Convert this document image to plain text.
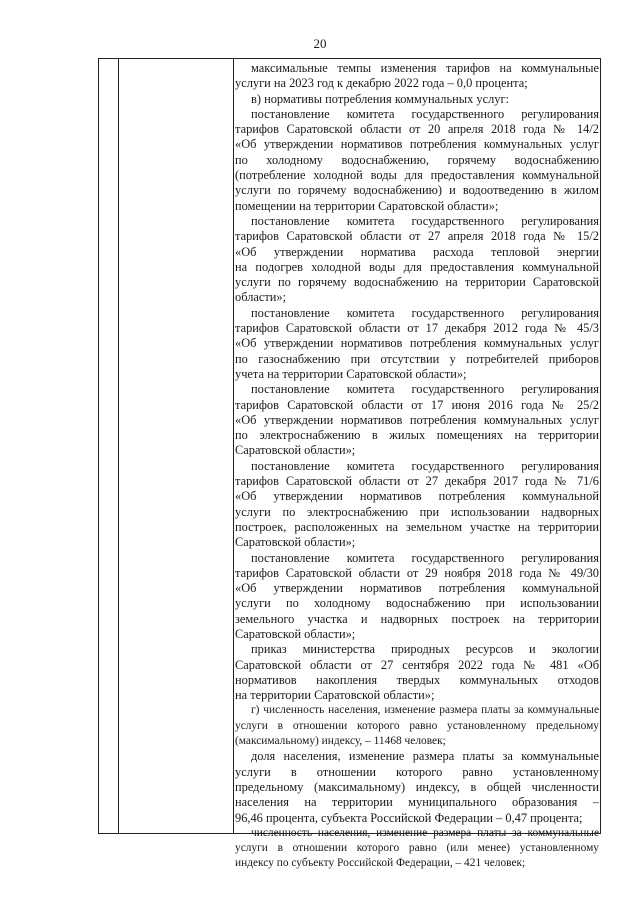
20
максимальные темпы изменения тарифов на коммунальные
услуги на 2023 год к декабрю 2022 года – 0,0 процента;
в) нормативы потребления коммунальных услуг:
постановление комитета государственного регулирования
тарифов Саратовской области от 20 апреля 2018 года № 14/2
«Об утверждении нормативов потребления коммунальных услуг
по холодному водоснабжению, горячему водоснабжению
(потребление холодной воды для предоставления коммунальной
услуги по горячему водоснабжению) и водоотведению в жилом
помещении на территории Саратовской области»;
постановление комитета государственного регулирования
тарифов Саратовской области от 27 апреля 2018 года № 15/2
«Об утверждении норматива расхода тепловой энергии
на подогрев холодной воды для предоставления коммунальной
услуги по горячему водоснабжению на территории Саратовской
области»;
постановление комитета государственного регулирования
тарифов Саратовской области от 17 декабря 2012 года № 45/3
«Об утверждении нормативов потребления коммунальных услуг
по газоснабжению при отсутствии у потребителей приборов
учета на территории Саратовской области»;
постановление комитета государственного регулирования
тарифов Саратовской области от 17 июня 2016 года № 25/2
«Об утверждении нормативов потребления коммунальных услуг
по электроснабжению в жилых помещениях на территории
Саратовской области»;
постановление комитета государственного регулирования
тарифов Саратовской области от 27 декабря 2017 года № 71/6
«Об утверждении нормативов потребления коммунальной
услуги по электроснабжению при использовании надворных
построек, расположенных на земельном участке на территории
Саратовской области»;
постановление комитета государственного регулирования
тарифов Саратовской области от 29 ноября 2018 года № 49/30
«Об утверждении нормативов потребления коммунальной
услуги по холодному водоснабжению при использовании
земельного участка и надворных построек на территории
Саратовской области»;
приказ министерства природных ресурсов и экологии
Саратовской области от 27 сентября 2022 года № 481 «Об
нормативов накопления твердых коммунальных отходов
на территории Саратовской области»;
г) численность населения, изменение размера платы за коммунальные
услуги в отношении которого равно установленному предельному
(максимальному) индексу, – 11468 человек;
доля населения, изменение размера платы за коммунальные
услуги в отношении которого равно установленному
предельному (максимальному) индексу, в общей численности
населения на территории муниципального образования –
96,46 процента, субъекта Российской Федерации – 0,47 процента;
численность населения, изменение размера платы за коммунальные
услуги в отношении которого равно (или менее) установленному
индексу по субъекту Российской Федерации, – 421 человек;
